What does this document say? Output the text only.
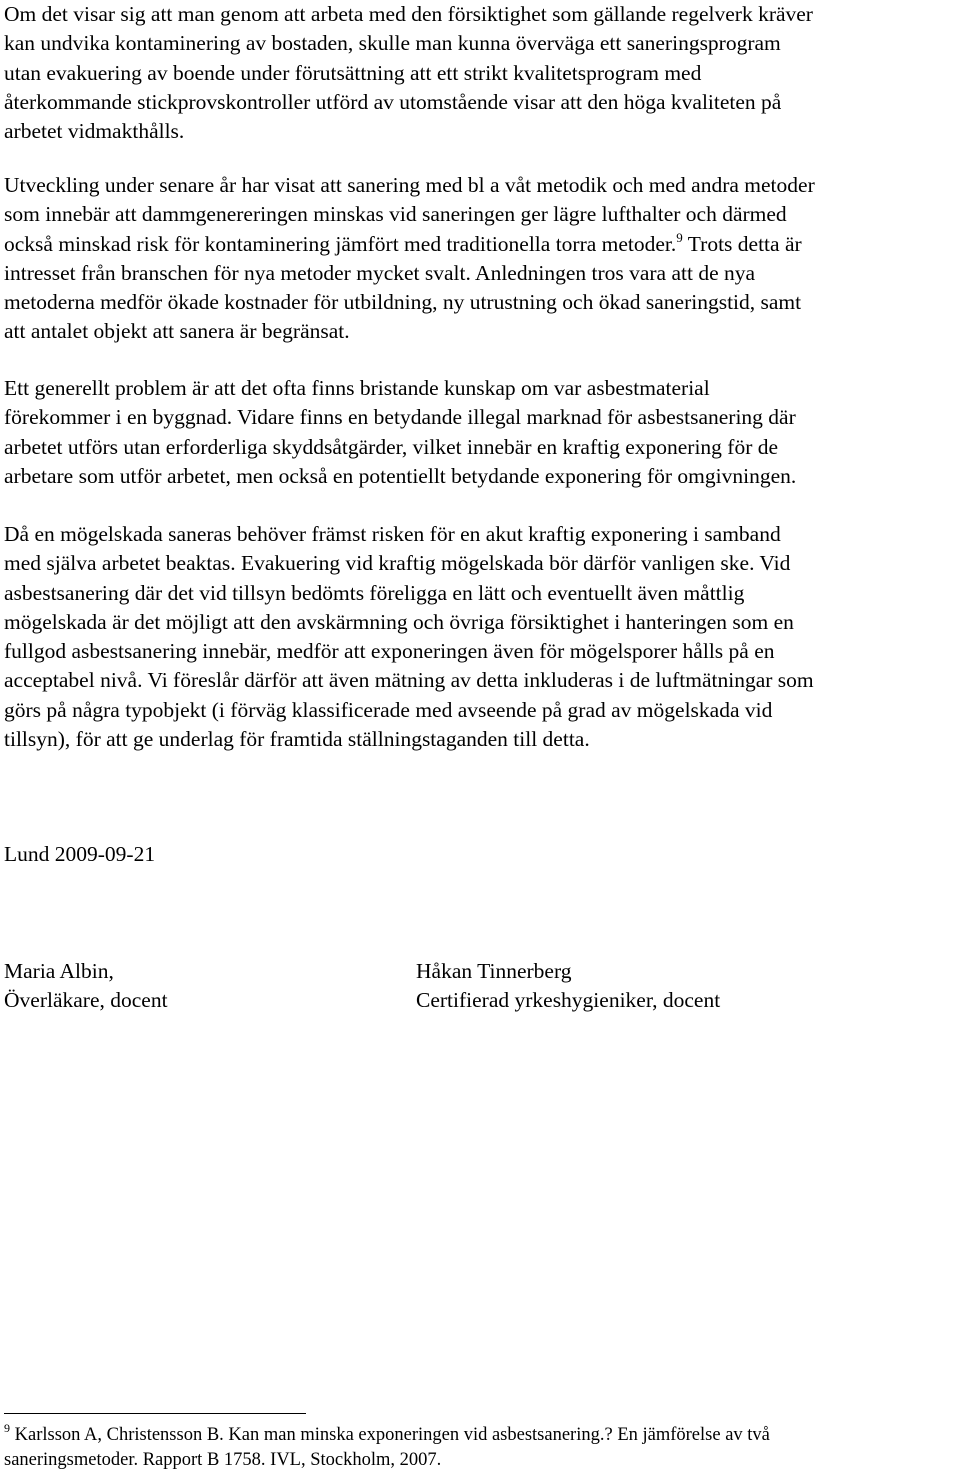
Om det visar sig att man genom att arbeta med den försiktighet som gällande regelverk kräver
kan undvika kontaminering av bostaden, skulle man kunna överväga ett saneringsprogram
utan evakuering av boende under förutsättning att ett strikt kvalitetsprogram med
återkommande stickprovskontroller utförd av utomstående visar att den höga kvaliteten på
arbetet vidmakthålls.

Utveckling under senare år har visat att sanering med bl a våt metodik och med andra metoder
som innebär att dammgenereringen minskas vid saneringen ger lägre lufthalter och därmed
också minskad risk för kontaminering jämfört med traditionella torra metoder.$^9$ Trots detta är
intresset från branschen för nya metoder mycket svalt. Anledningen tros vara att de nya
metoderna medför ökade kostnader för utbildning, ny utrustning och ökad saneringstid, samt
att antalet objekt att sanera är begränsat.

Ett generellt problem är att det ofta finns bristande kunskap om var asbestmaterial
förekommer i en byggnad. Vidare finns en betydande illegal marknad för asbestsanering där
arbetet utförs utan erforderliga skyddsåtgärder, vilket innebär en kraftig exponering för de
arbetare som utför arbetet, men också en potentiellt betydande exponering för omgivningen.

Då en mögelskada saneras behöver främst risken för en akut kraftig exponering i samband
med själva arbetet beaktas. Evakuering vid kraftig mögelskada bör därför vanligen ske. Vid
asbestsanering där det vid tillsyn bedömts föreligga en lätt och eventuellt även måttlig
mögelskada är det möjligt att den avskärmning och övriga försiktighet i hanteringen som en
fullgod asbestsanering innebär, medför att exponeringen även för mögelsporer hålls på en
acceptabel nivå. Vi föreslår därför att även mätning av detta inkluderas i de luftmätningar som
görs på några typobjekt (i förväg klassificerade med avseende på grad av mögelskada vid
tillsyn), för att ge underlag för framtida ställningstaganden till detta.

Lund 2009-09-21
Maria Albin,
Överläkare, docent
Håkan Tinnerberg
Certifierad yrkeshygieniker, docent
$^9$ Karlsson A, Christensson B. Kan man minska exponeringen vid asbestsanering.? En jämförelse av två
saneringsmetoder. Rapport B 1758. IVL, Stockholm, 2007.
